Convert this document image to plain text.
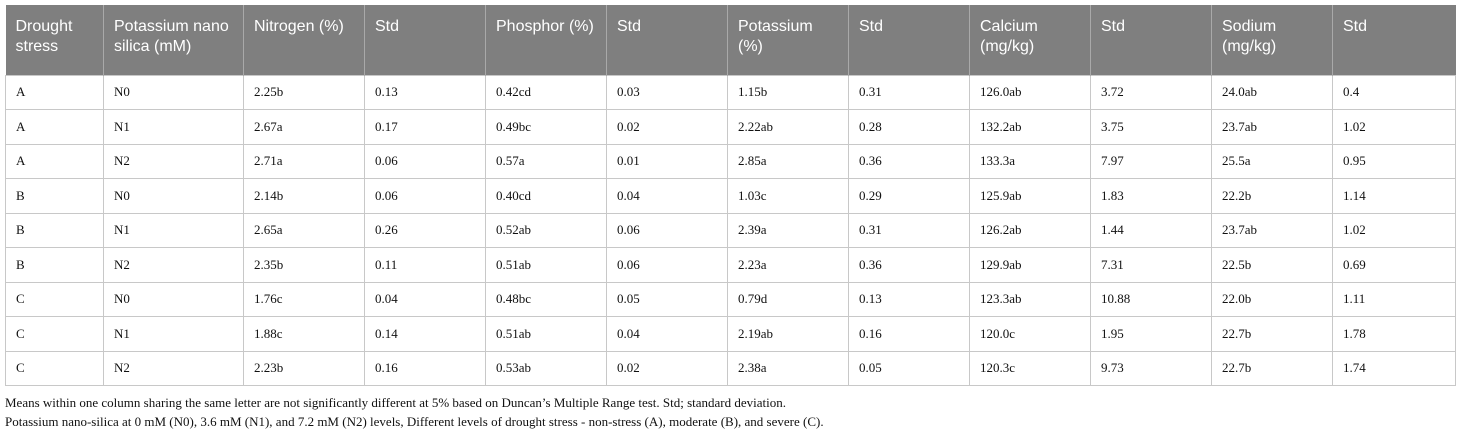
Drought stress	Potassium nano silica (mM)	Nitrogen (%)	Std	Phosphor (%)	Std	Potassium (%)	Std	Calcium (mg/kg)	Std	Sodium (mg/kg)	Std
A	N0	2.25b	0.13	0.42cd	0.03	1.15b	0.31	126.0ab	3.72	24.0ab	0.4
A	N1	2.67a	0.17	0.49bc	0.02	2.22ab	0.28	132.2ab	3.75	23.7ab	1.02
A	N2	2.71a	0.06	0.57a	0.01	2.85a	0.36	133.3a	7.97	25.5a	0.95
B	N0	2.14b	0.06	0.40cd	0.04	1.03c	0.29	125.9ab	1.83	22.2b	1.14
B	N1	2.65a	0.26	0.52ab	0.06	2.39a	0.31	126.2ab	1.44	23.7ab	1.02
B	N2	2.35b	0.11	0.51ab	0.06	2.23a	0.36	129.9ab	7.31	22.5b	0.69
C	N0	1.76c	0.04	0.48bc	0.05	0.79d	0.13	123.3ab	10.88	22.0b	1.11
C	N1	1.88c	0.14	0.51ab	0.04	2.19ab	0.16	120.0c	1.95	22.7b	1.78
C	N2	2.23b	0.16	0.53ab	0.02	2.38a	0.05	120.3c	9.73	22.7b	1.74

Means within one column sharing the same letter are not significantly different at 5% based on Duncan’s Multiple Range test. Std; standard deviation.

Potassium nano-silica at 0 mM (N0), 3.6 mM (N1), and 7.2 mM (N2) levels, Different levels of drought stress - non-stress (A), moderate (B), and severe (C).
